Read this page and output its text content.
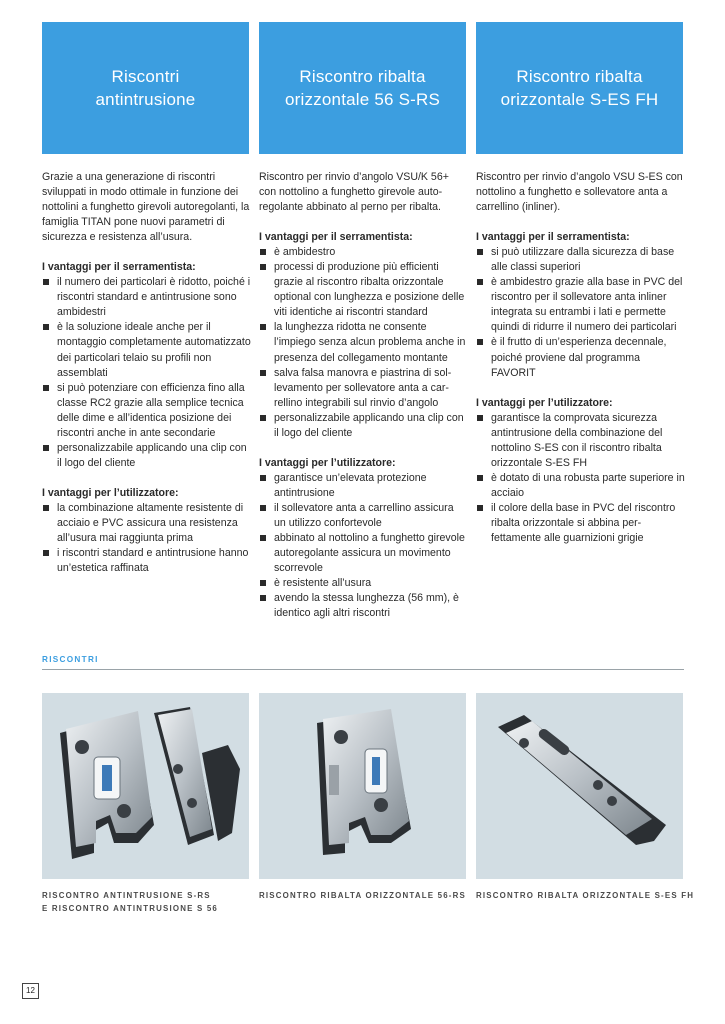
Riscontri antintrusione
Riscontro ribalta orizzontale 56 S-RS
Riscontro ribalta orizzontale S-ES FH

Grazie a una generazione di riscontri sviluppati in modo ottimale in funzione dei nottolini a funghetto girevoli autoregolanti, la famiglia TITAN pone nuovi parametri di sicurezza e resistenza all’usura.

I vantaggi per il serramentista:

il numero dei particolari è ridotto, poiché i riscontri standard e antintrusione sono ambidestri
è la soluzione ideale anche per il montaggio completamente automatizzato dei particolari telaio su profili non assemblati
si può potenziare con efficienza fino alla classe RC2 grazie alla semplice tecnica delle dime e all’identica posizione dei riscontri anche in ante secondarie
personalizzabile applicando una clip con il logo del cliente

I vantaggi per l’utilizzatore:

la combinazione altamente resistente di acciaio e PVC assicura una resistenza all’usura mai raggiunta prima
i riscontri standard e antintrusione hanno un’estetica raffinata

Riscontro per rinvio d’angolo VSU/K 56+ con nottolino a funghetto girevole autoregolante abbinato al perno per ribalta.

I vantaggi per il serramentista:

è ambidestro
processi di produzione più efficienti grazie al riscontro ribalta orizzontale optional con lunghezza e posizione delle viti identiche ai riscontri standard
la lunghezza ridotta ne consente l’impiego senza alcun problema anche in presenza del collegamento montante
salva falsa manovra e piastrina di sollevamento per sollevatore anta a carrellino integrabili sul rinvio d’angolo
personalizzabile applicando una clip con il logo del cliente

I vantaggi per l’utilizzatore:

garantisce un’elevata protezione antintrusione
il sollevatore anta a carrellino assicura un utilizzo confortevole
abbinato al nottolino a funghetto girevole autoregolante assicura un movimento scorrevole
è resistente all’usura
avendo la stessa lunghezza (56 mm), è identico agli altri riscontri

Riscontro per rinvio d’angolo VSU S-ES con nottolino a funghetto e sollevatore anta a carrellino (inliner).

I vantaggi per il serramentista:

si può utilizzare dalla sicurezza di base alle classi superiori
è ambidestro grazie alla base in PVC del riscontro per il sollevatore anta inliner integrata su entrambi i lati e permette quindi di ridurre il numero dei particolari
è il frutto di un’esperienza decennale, poiché proviene dal programma FAVORIT

I vantaggi per l’utilizzatore:

garantisce la comprovata sicurezza antintrusione della combinazione del nottolino S-ES con il riscontro ribalta orizzontale S-ES FH
è dotato di una robusta parte superiore in acciaio
il colore della base in PVC del riscontro ribalta orizzontale si abbina perfettamente alle guarnizioni grigie
RISCONTRI
RISCONTRO ANTINTRUSIONE S-RS
E RISCONTRO ANTINTRUSIONE S 56
RISCONTRO RIBALTA ORIZZONTALE 56-RS RISCONTRO RIBALTA ORIZZONTALE S-ES FH
12
